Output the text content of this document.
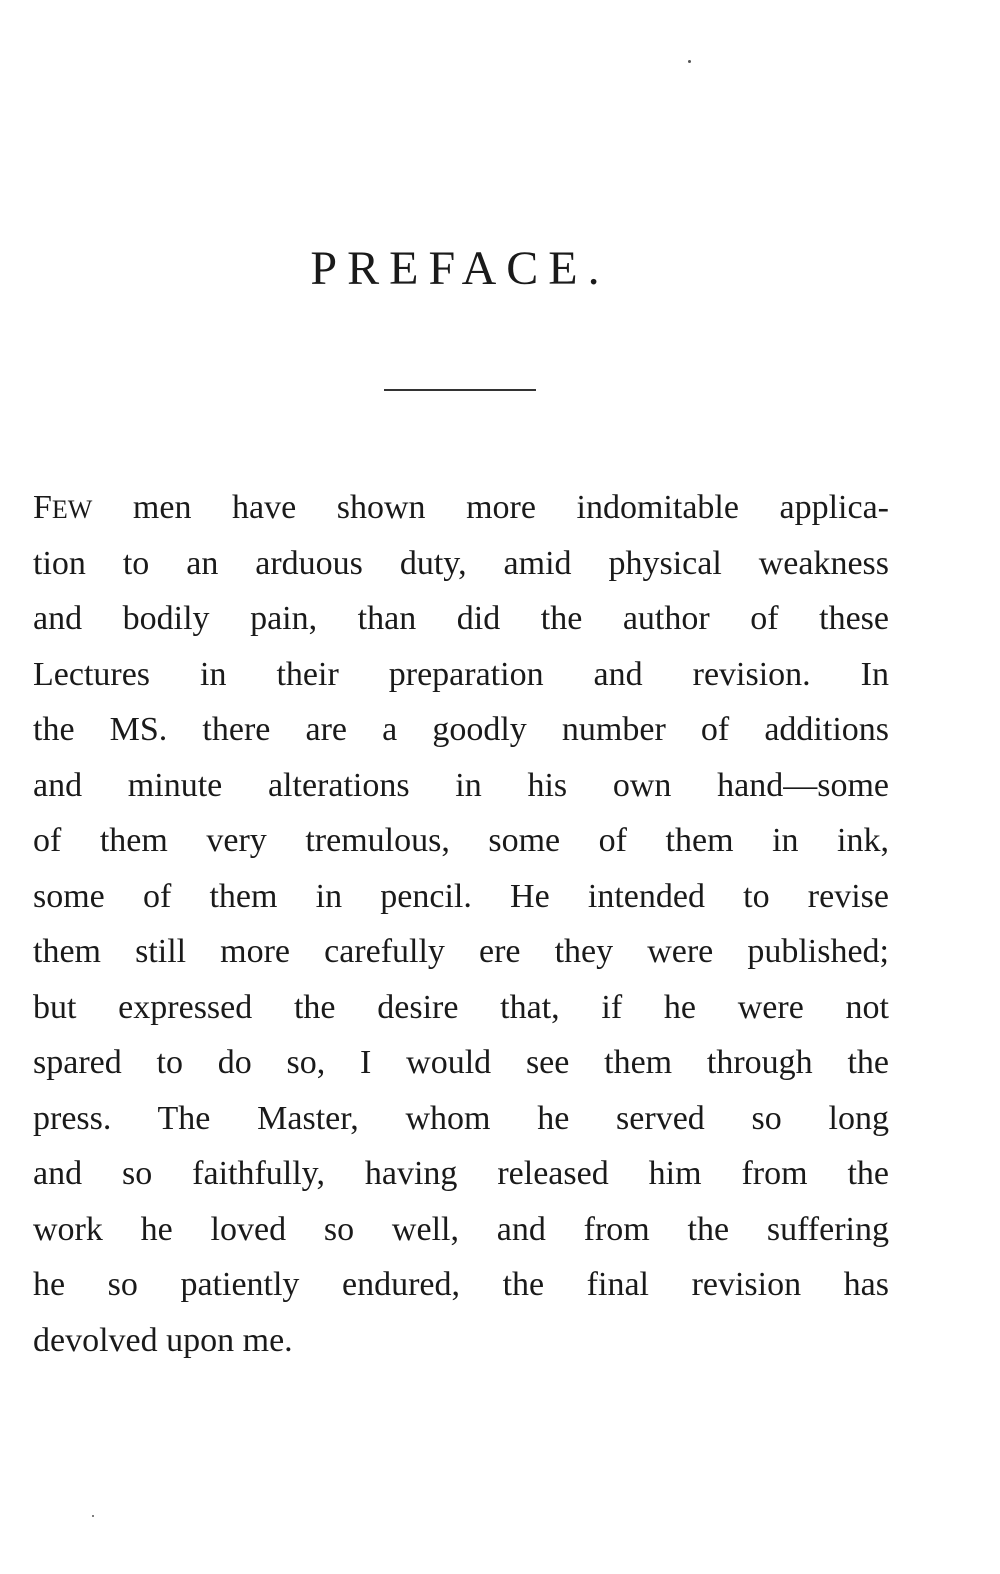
PREFACE.
FEW men have shown more indomitable applica-
tion to an arduous duty, amid physical weakness
and bodily pain, than did the author of these
Lectures in their preparation and revision. In
the MS. there are a goodly number of additions
and minute alterations in his own hand—some
of them very tremulous, some of them in ink,
some of them in pencil. He intended to revise
them still more carefully ere they were published;
but expressed the desire that, if he were not
spared to do so, I would see them through the
press. The Master, whom he served so long
and so faithfully, having released him from the
work he loved so well, and from the suffering
he so patiently endured, the final revision has
devolved upon me.
